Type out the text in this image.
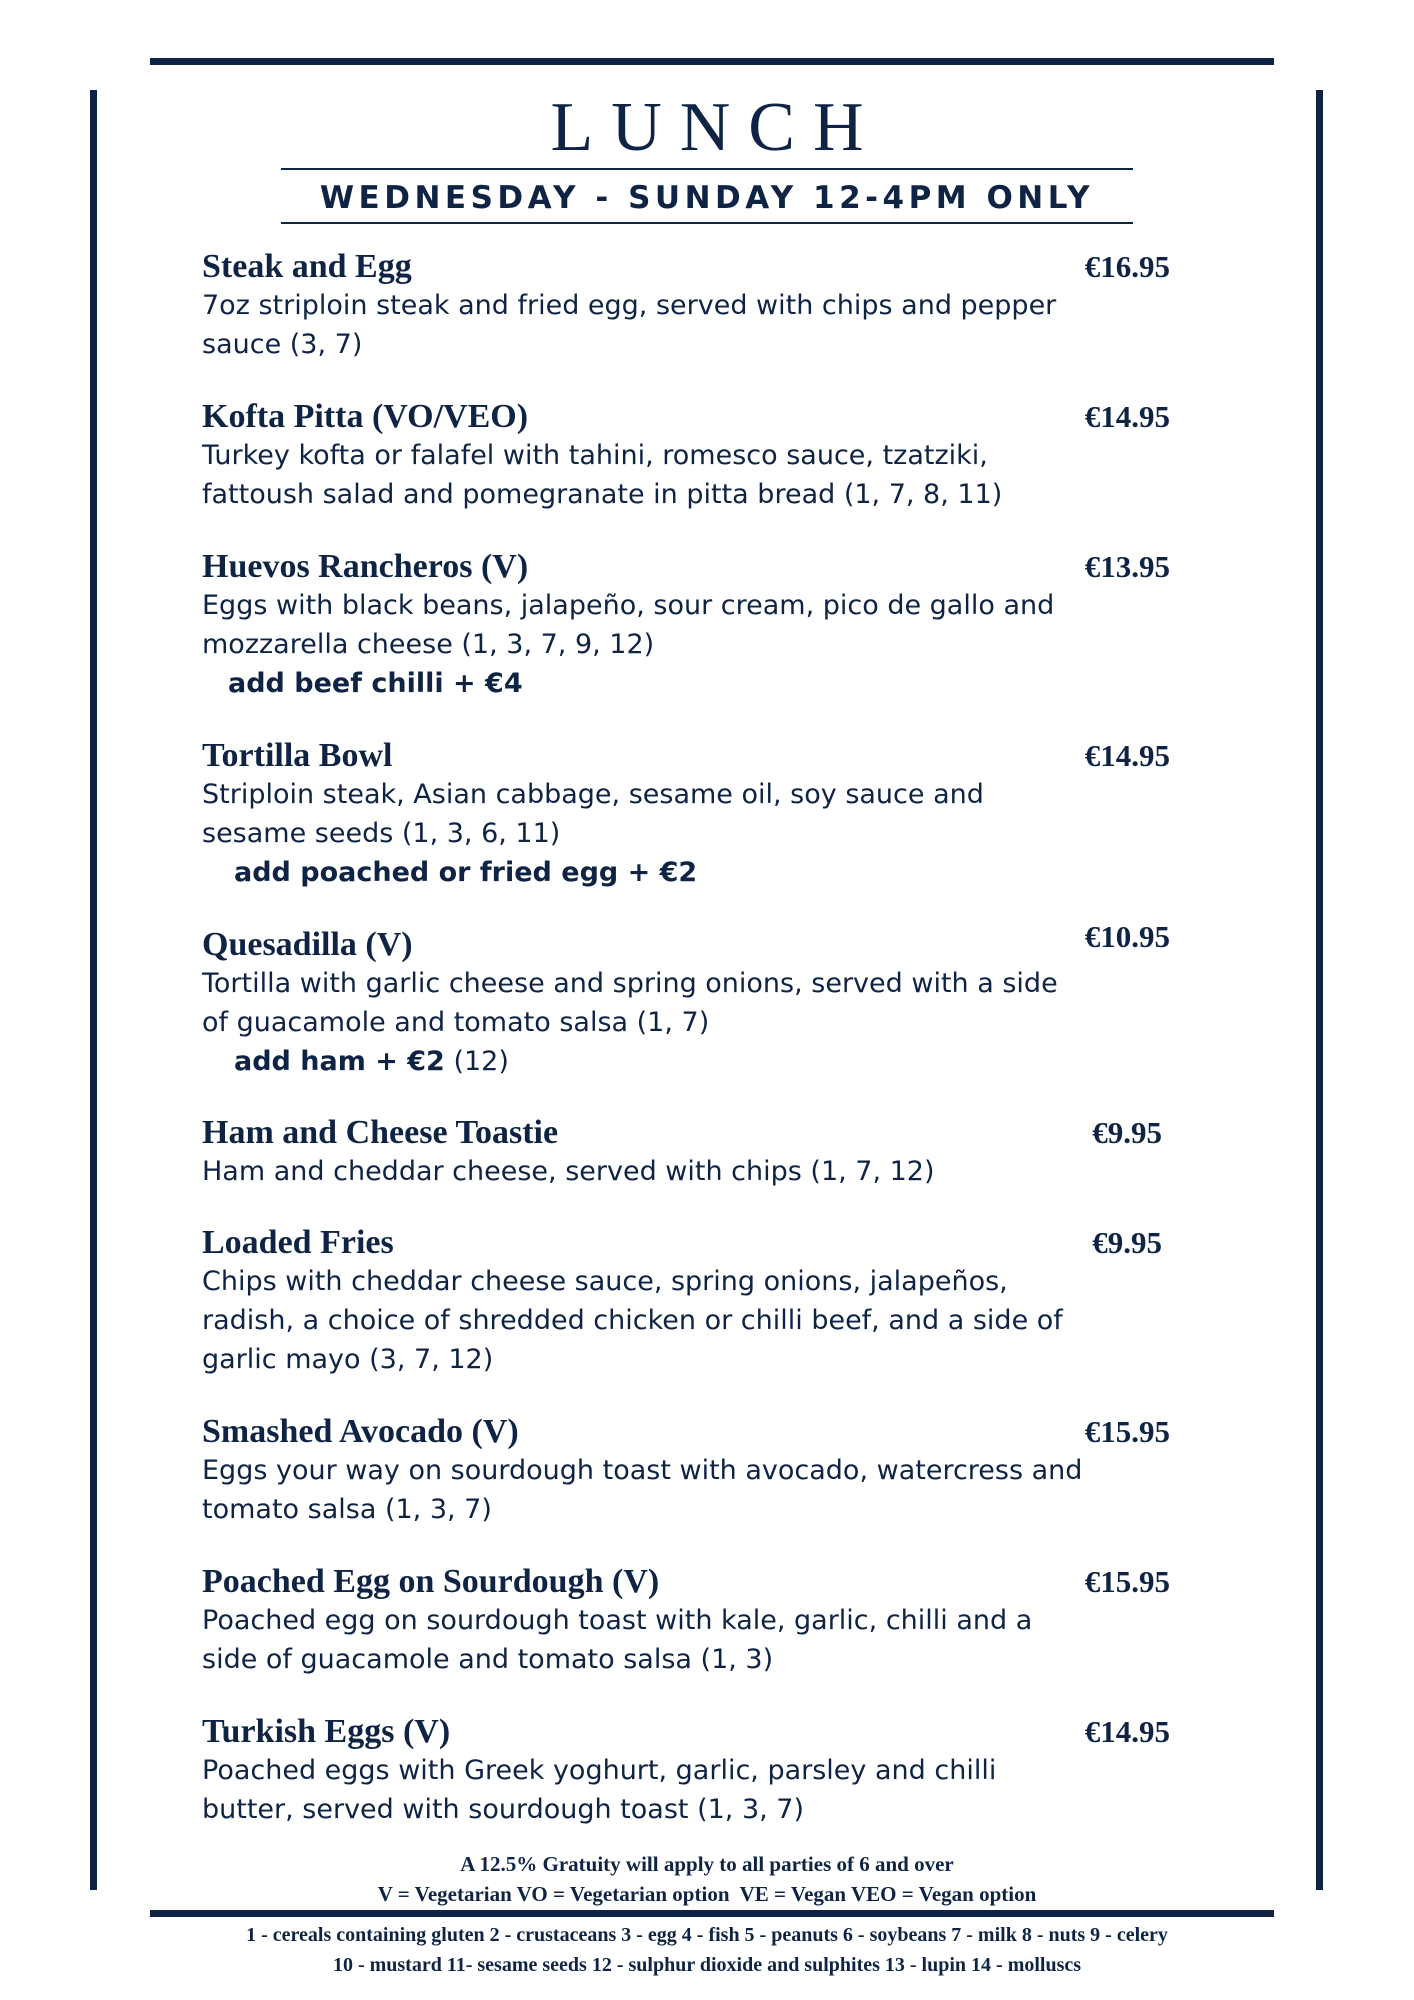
LUNCH
WEDNESDAY - SUNDAY 12-4PM ONLY
Steak and Egg	€16.95
7oz striploin steak and fried egg, served with chips and pepper sauce (3, 7)
Kofta Pitta (VO/VEO)	€14.95
Turkey kofta or falafel with tahini, romesco sauce, tzatziki, fattoush salad and pomegranate in pitta bread (1, 7, 8, 11)
Huevos Rancheros (V)	€13.95
Eggs with black beans, jalapeño, sour cream, pico de gallo and mozzarella cheese (1, 3, 7, 9, 12)
add beef chilli + €4
Tortilla Bowl	€14.95
Striploin steak, Asian cabbage, sesame oil, soy sauce and sesame seeds (1, 3, 6, 11)
add poached or fried egg + €2
Quesadilla (V)	€10.95
Tortilla with garlic cheese and spring onions, served with a side of guacamole and tomato salsa (1, 7)
add ham + €2 (12)
Ham and Cheese Toastie	€9.95
Ham and cheddar cheese, served with chips (1, 7, 12)
Loaded Fries	€9.95
Chips with cheddar cheese sauce, spring onions, jalapeños, radish, a choice of shredded chicken or chilli beef, and a side of garlic mayo (3, 7, 12)
Smashed Avocado (V)	€15.95
Eggs your way on sourdough toast with avocado, watercress and tomato salsa (1, 3, 7)
Poached Egg on Sourdough (V)	€15.95
Poached egg on sourdough toast with kale, garlic, chilli and a side of guacamole and tomato salsa (1, 3)
Turkish Eggs (V)	€14.95
Poached eggs with Greek yoghurt, garlic, parsley and chilli butter, served with sourdough toast (1, 3, 7)
A 12.5% Gratuity will apply to all parties of 6 and over
V = Vegetarian VO = Vegetarian option  VE = Vegan VEO = Vegan option
1 - cereals containing gluten 2 - crustaceans 3 - egg 4 - fish 5 - peanuts 6 - soybeans 7 - milk 8 - nuts 9 - celery
10 - mustard 11- sesame seeds 12 - sulphur dioxide and sulphites 13 - lupin 14 - molluscs
